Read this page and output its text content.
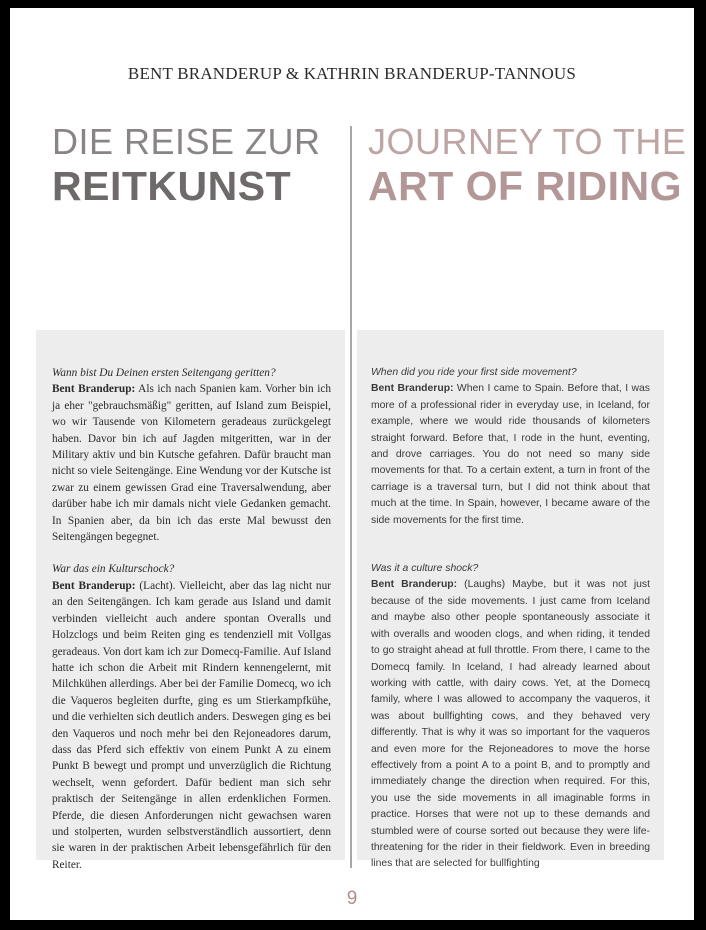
BENT BRANDERUP & KATHRIN BRANDERUP-TANNOUS
DIE REISE ZUR
REITKUNST
JOURNEY TO THE
ART OF RIDING

Wann bist Du Deinen ersten Seitengang geritten?

Bent Branderup: Als ich nach Spanien kam. Vorher bin ich ja eher "gebrauchsmäßig" geritten, auf Island zum Beispiel, wo wir Tausende von Kilometern geradeaus zurückgelegt haben. Davor bin ich auf Jagden mitgeritten, war in der Military aktiv und bin Kutsche gefahren. Dafür braucht man nicht so viele Seitengänge. Eine Wendung vor der Kutsche ist zwar zu einem gewissen Grad eine Traversalwendung, aber darüber habe ich mir damals nicht viele Gedanken gemacht. In Spanien aber, da bin ich das erste Mal bewusst den Seitengängen begegnet.

War das ein Kulturschock?

Bent Branderup: (Lacht). Vielleicht, aber das lag nicht nur an den Seitengängen. Ich kam gerade aus Island und damit verbinden vielleicht auch andere spontan Overalls und Holzclogs und beim Reiten ging es tendenziell mit Vollgas geradeaus. Von dort kam ich zur Domecq-Familie. Auf Island hatte ich schon die Arbeit mit Rindern kennengelernt, mit Milchkühen allerdings. Aber bei der Familie Domecq, wo ich die Vaqueros begleiten durfte, ging es um Stierkampfkühe, und die verhielten sich deutlich anders. Deswegen ging es bei den Vaqueros und noch mehr bei den Rejoneadores darum, dass das Pferd sich effektiv von einem Punkt A zu einem Punkt B bewegt und prompt und unverzüglich die Richtung wechselt, wenn gefordert. Dafür bedient man sich sehr praktisch der Seitengänge in allen erdenklichen Formen. Pferde, die diesen Anforderungen nicht gewachsen waren und stolperten, wurden selbstverständlich aussortiert, denn sie waren in der praktischen Arbeit lebensgefährlich für den Reiter.

When did you ride your first side movement?

Bent Branderup: When I came to Spain. Before that, I was more of a professional rider in everyday use, in Iceland, for example, where we would ride thousands of kilometers straight forward. Before that, I rode in the hunt, eventing, and drove carriages. You do not need so many side movements for that. To a certain extent, a turn in front of the carriage is a traversal turn, but I did not think about that much at the time. In Spain, however, I became aware of the side movements for the first time.

Was it a culture shock?

Bent Branderup: (Laughs) Maybe, but it was not just because of the side movements. I just came from Iceland and maybe also other people spontaneously associate it with overalls and wooden clogs, and when riding, it tended to go straight ahead at full throttle. From there, I came to the Domecq family. In Iceland, I had already learned about working with cattle, with dairy cows. Yet, at the Domecq family, where I was allowed to accompany the vaqueros, it was about bullfighting cows, and they behaved very differently. That is why it was so important for the vaqueros and even more for the Rejoneadores to move the horse effectively from a point A to a point B, and to promptly and immediately change the direction when required. For this, you use the side movements in all imaginable forms in practice. Horses that were not up to these demands and stumbled were of course sorted out because they were life-threatening for the rider in their fieldwork. Even in breeding lines that are selected for bullfighting

9
